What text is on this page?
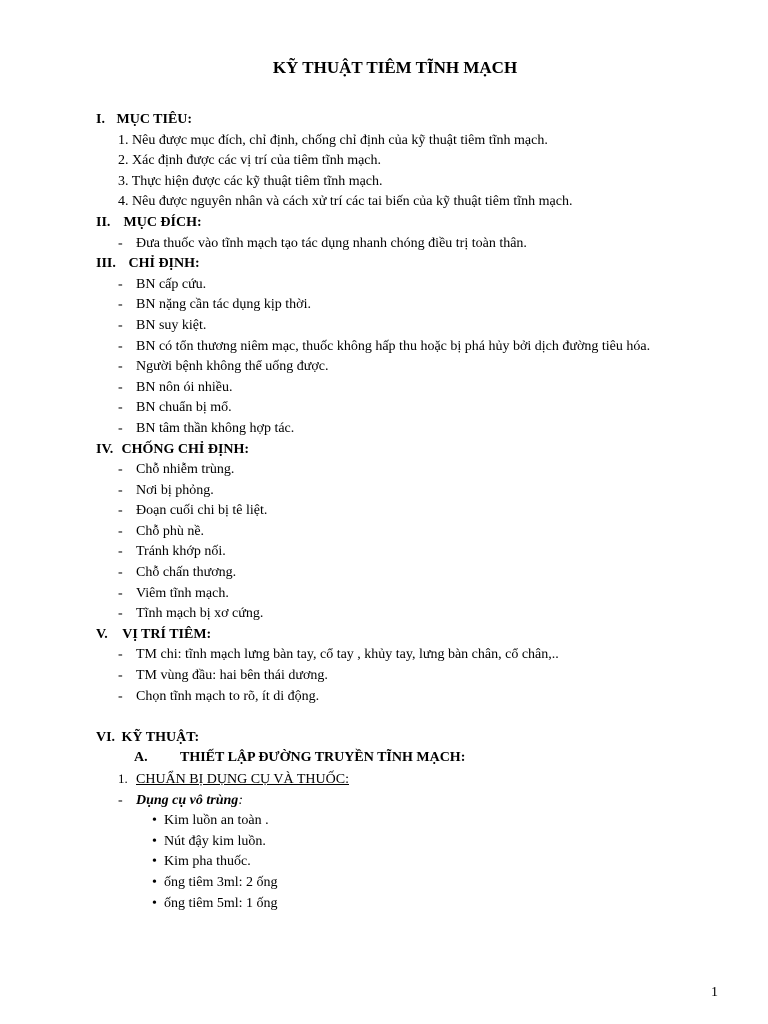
KỸ THUẬT TIÊM TĨNH MẠCH
I. MỤC TIÊU:
1. Nêu được mục đích, chỉ định, chống chỉ định của kỹ thuật tiêm tĩnh mạch.
2. Xác định được các vị trí của tiêm tĩnh mạch.
3. Thực hiện được các kỹ thuật tiêm tĩnh mạch.
4. Nêu được nguyên nhân và cách xử trí các tai biến của kỹ thuật tiêm tĩnh mạch.
II. MỤC ĐÍCH:
- Đưa thuốc vào tĩnh mạch tạo tác dụng nhanh chóng điều trị toàn thân.
III. CHỈ ĐỊNH:
- BN cấp cứu.
- BN nặng cần tác dụng kịp thời.
- BN suy kiệt.
- BN có tổn thương niêm mạc, thuốc không hấp thu hoặc bị phá hủy bởi dịch đường tiêu hóa.
- Người bệnh không thể uống được.
- BN nôn ói nhiều.
- BN chuẩn bị mổ.
- BN tâm thần không hợp tác.
IV. CHỐNG CHỈ ĐỊNH:
- Chỗ nhiễm trùng.
- Nơi bị phỏng.
- Đoạn cuối chi bị tê liệt.
- Chỗ phù nề.
- Tránh khớp nối.
- Chỗ chấn thương.
- Viêm tĩnh mạch.
- Tĩnh mạch bị xơ cứng.
V. VỊ TRÍ TIÊM:
- TM chi: tĩnh mạch lưng bàn tay, cổ tay , khủy tay, lưng bàn chân, cổ chân,..
- TM vùng đầu: hai bên thái dương.
- Chọn tĩnh mạch to rõ, ít di động.
VI. KỸ THUẬT:
A. THIẾT LẬP ĐƯỜNG TRUYỀN TĨNH MẠCH:
1. CHUẨN BỊ DỤNG CỤ VÀ THUỐC:
- Dụng cụ vô trùng:
• Kim luồn an toàn .
• Nút đậy kim luồn.
• Kim pha thuốc.
• ống tiêm 3ml: 2 ống
• ống tiêm 5ml: 1 ống
1
